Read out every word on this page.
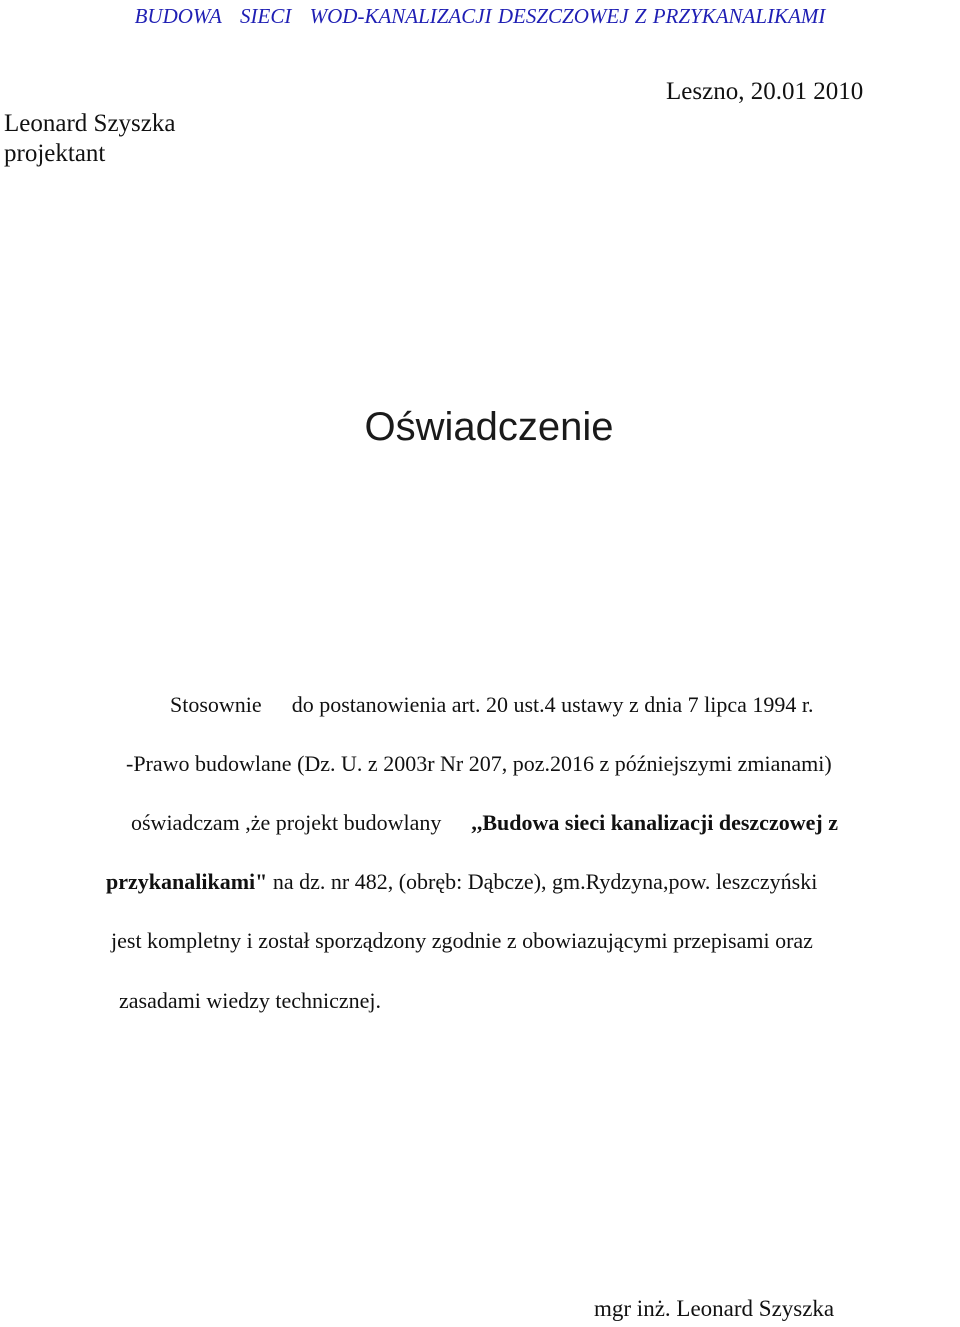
BUDOWA SIECI WOD-KANALIZACJI DESZCZOWEJ Z PRZYKANALIKAMI
Leonard Szyszka
projektant
Leszno, 20.01 2010
Oświadczenie
Stosownie do postanowienia art. 20 ust.4 ustawy z dnia 7 lipca 1994 r.
-Prawo budowlane (Dz. U. z 2003r Nr 207, poz.2016 z późniejszymi zmianami)
oświadczam ,że projekt budowlany ,,Budowa sieci kanalizacji deszczowej z
przykanalikami" na dz. nr 482, (obręb: Dąbcze), gm.Rydzyna,pow. leszczyński
jest kompletny i został sporządzony zgodnie z obowiazującymi przepisami oraz
zasadami wiedzy technicznej.
mgr inż. Leonard Szyszka
